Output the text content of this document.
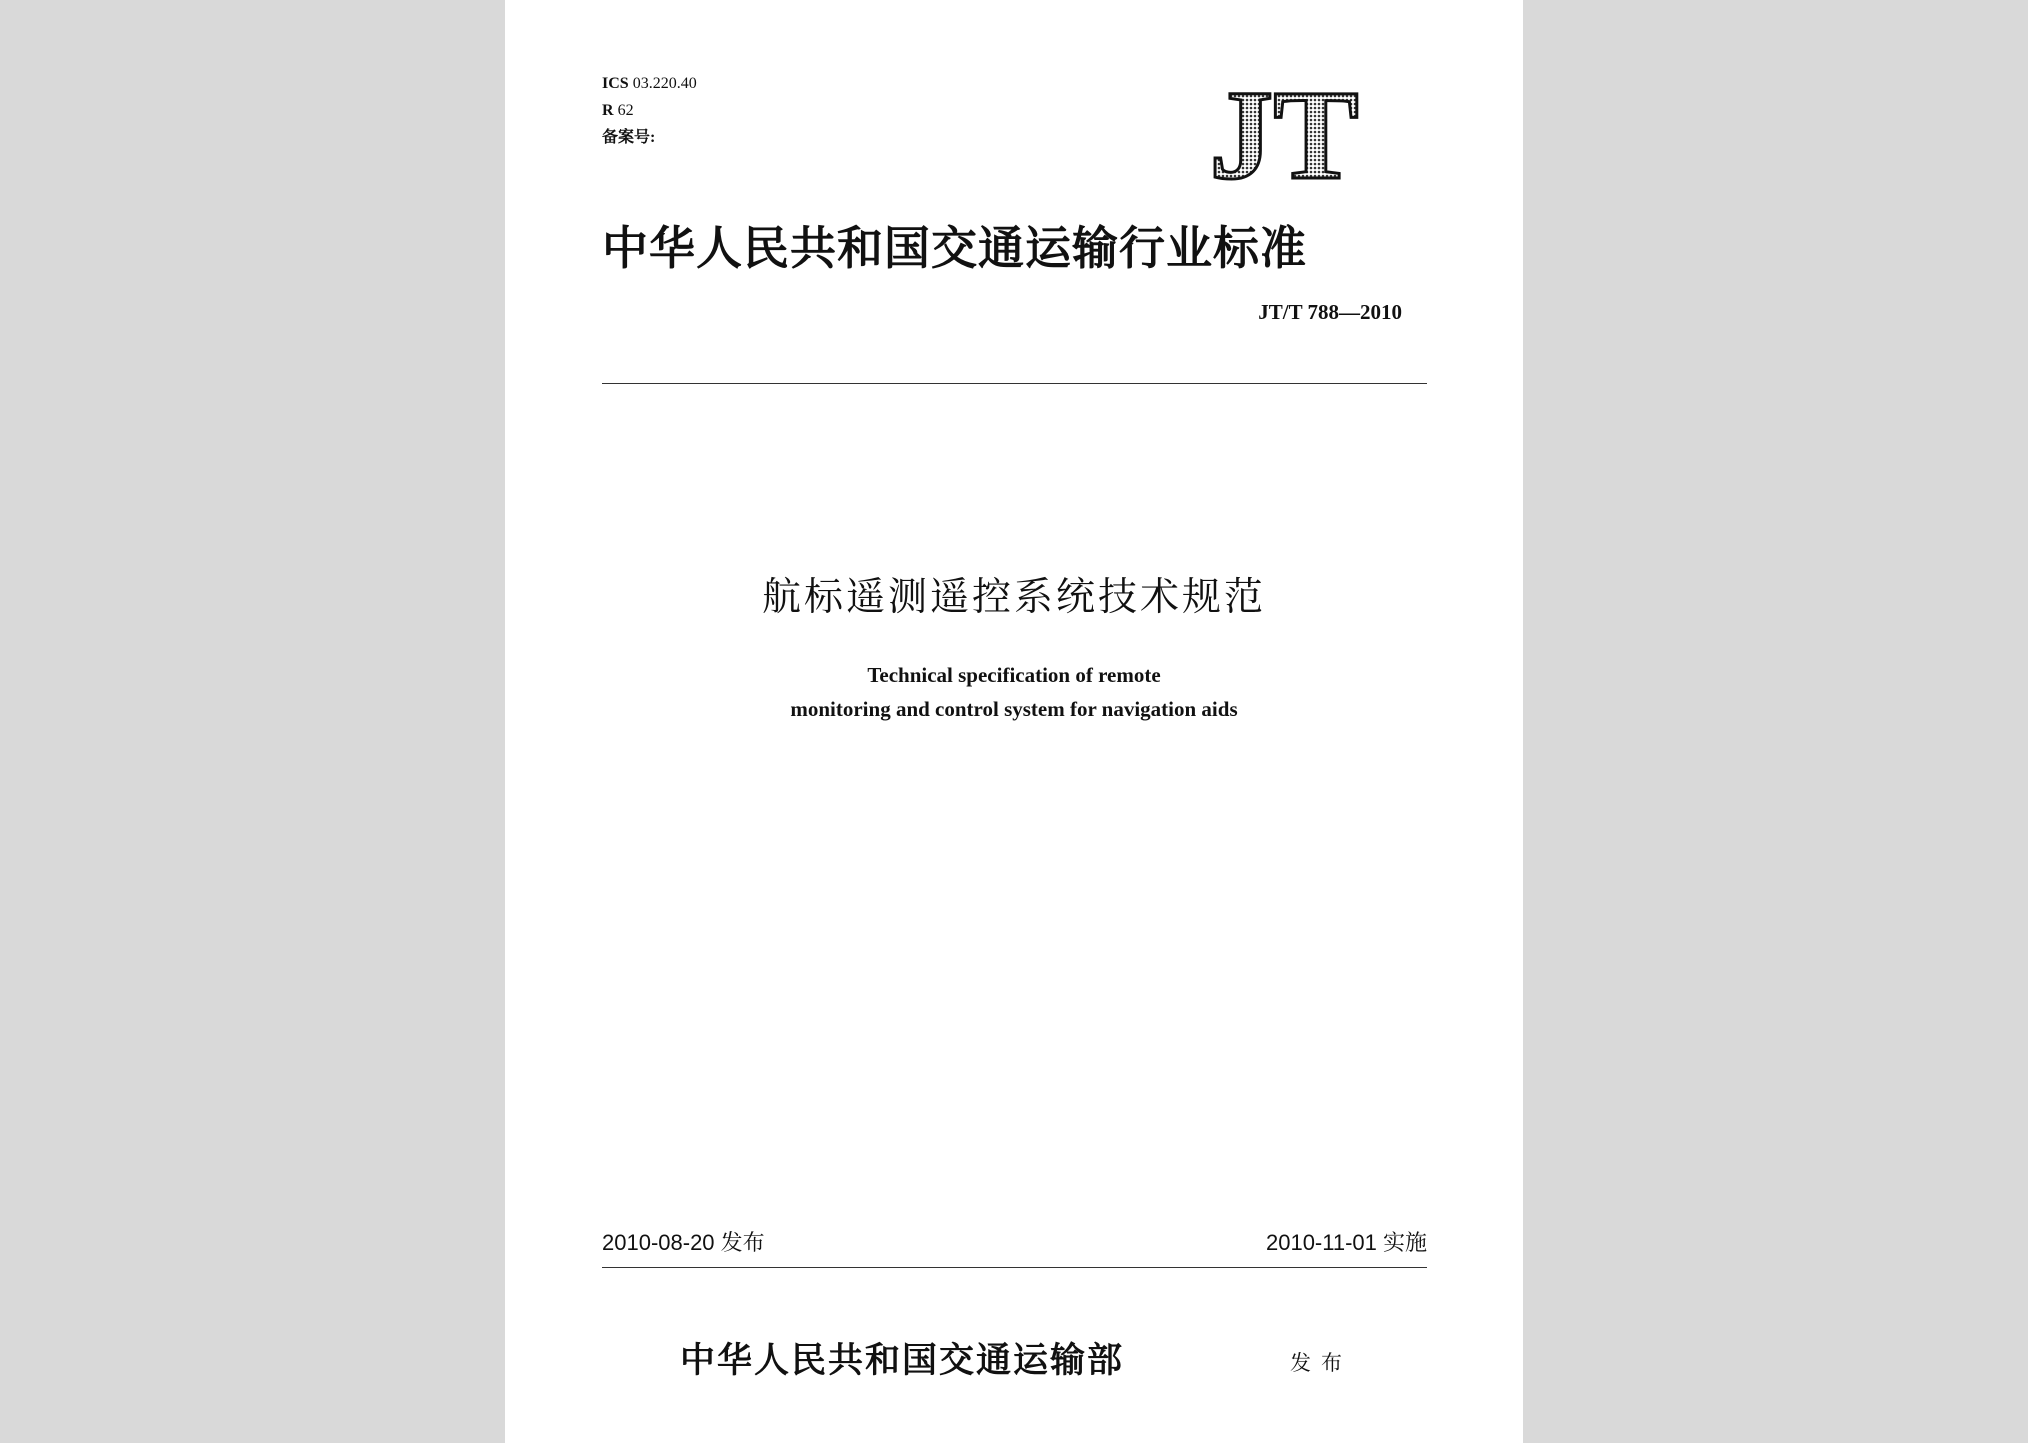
ICS 03.220.40
R 62
备案号:	JT
中华人民共和国交通运输行业标准
JT/T 788—2010
航标遥测遥控系统技术规范
Technical specification of remote
monitoring and control system for navigation aids
2010-08-20 发布	2010-11-01 实施
中华人民共和国交通运输部	发布
